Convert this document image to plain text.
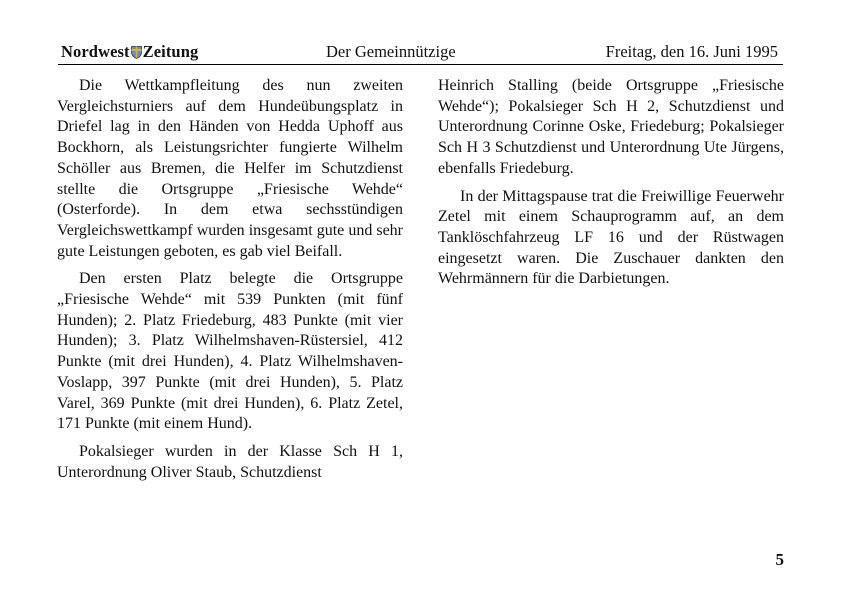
Nordwest Zeitung	Der Gemeinnützige	Freitag, den 16. Juni 1995

Die Wettkampfleitung des nun zweiten Vergleichsturniers auf dem Hundeübungsplatz in Driefel lag in den Händen von Hedda Uphoff aus Bockhorn, als Leistungsrichter fungierte Wilhelm Schöller aus Bremen, die Helfer im Schutzdienst stellte die Ortsgruppe „Friesische Wehde“ (Osterforde). In dem etwa sechsstündigen Vergleichswettkampf wurden insgesamt gute und sehr gute Leistungen geboten, es gab viel Beifall.

Den ersten Platz belegte die Ortsgruppe „Friesische Wehde“ mit 539 Punkten (mit fünf Hunden); 2. Platz Friedeburg, 483 Punkte (mit vier Hunden); 3. Platz Wilhelmshaven-Rüstersiel, 412 Punkte (mit drei Hunden), 4. Platz Wilhelmshaven-Voslapp, 397 Punkte (mit drei Hunden), 5. Platz Varel, 369 Punkte (mit drei Hunden), 6. Platz Zetel, 171 Punkte (mit einem Hund).

Pokalsieger wurden in der Klasse Sch H 1, Unterordnung Oliver Staub, Schutzdienst

Heinrich Stalling (beide Ortsgruppe „Friesische Wehde“); Pokalsieger Sch H 2, Schutzdienst und Unterordnung Corinne Oske, Friedeburg; Pokalsieger Sch H 3 Schutzdienst und Unterordnung Ute Jürgens, ebenfalls Friedeburg.

In der Mittagspause trat die Freiwillige Feuerwehr Zetel mit einem Schauprogramm auf, an dem Tanklöschfahrzeug LF 16 und der Rüstwagen eingesetzt waren. Die Zuschauer dankten den Wehrmännern für die Darbietungen.

5
